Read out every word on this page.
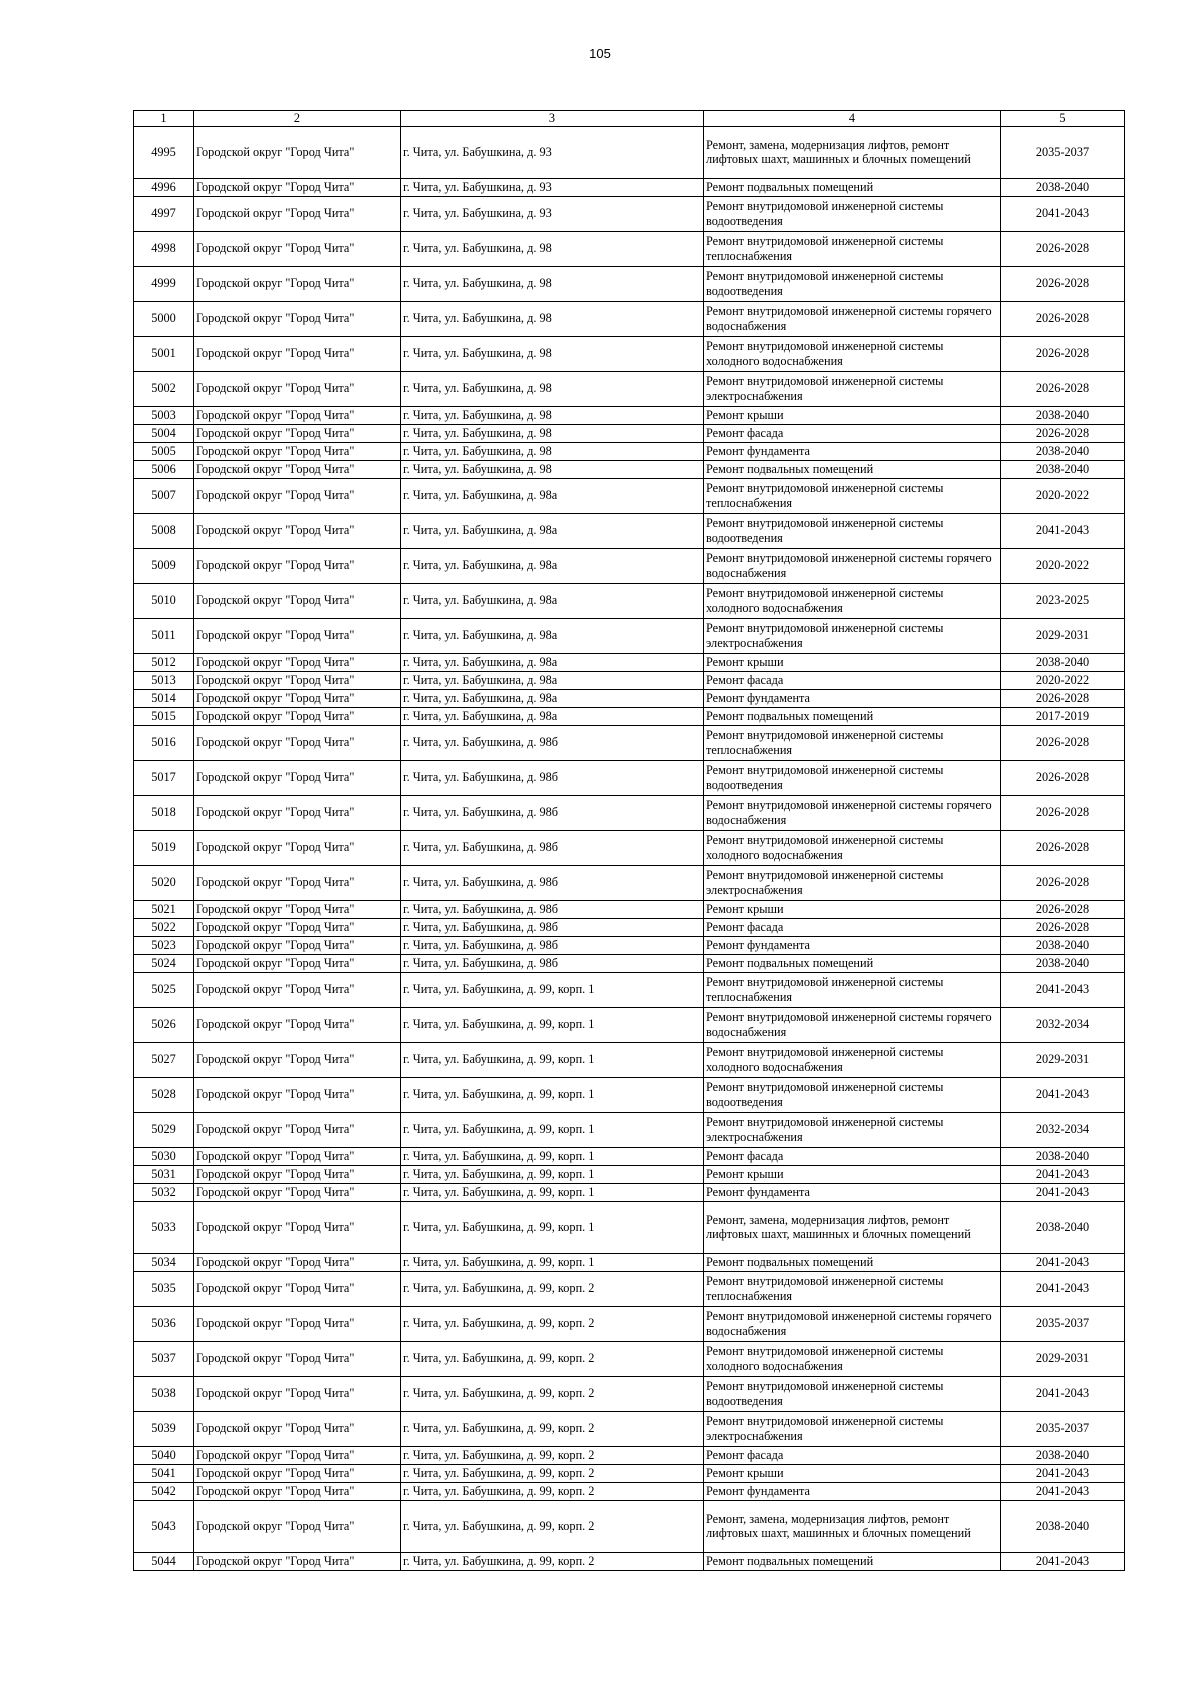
105
1	2	3	4	5
4995	Городской округ "Город Чита"	г. Чита, ул. Бабушкина, д. 93	Ремонт, замена, модернизация лифтов, ремонт лифтовых шахт, машинных и блочных помещений	2035-2037
4996	Городской округ "Город Чита"	г. Чита, ул. Бабушкина, д. 93	Ремонт подвальных помещений	2038-2040
4997	Городской округ "Город Чита"	г. Чита, ул. Бабушкина, д. 93	Ремонт внутридомовой инженерной системы водоотведения	2041-2043
4998	Городской округ "Город Чита"	г. Чита, ул. Бабушкина, д. 98	Ремонт внутридомовой инженерной системы теплоснабжения	2026-2028
4999	Городской округ "Город Чита"	г. Чита, ул. Бабушкина, д. 98	Ремонт внутридомовой инженерной системы водоотведения	2026-2028
5000	Городской округ "Город Чита"	г. Чита, ул. Бабушкина, д. 98	Ремонт внутридомовой инженерной системы горячего водоснабжения	2026-2028
5001	Городской округ "Город Чита"	г. Чита, ул. Бабушкина, д. 98	Ремонт внутридомовой инженерной системы холодного водоснабжения	2026-2028
5002	Городской округ "Город Чита"	г. Чита, ул. Бабушкина, д. 98	Ремонт внутридомовой инженерной системы электроснабжения	2026-2028
5003	Городской округ "Город Чита"	г. Чита, ул. Бабушкина, д. 98	Ремонт крыши	2038-2040
5004	Городской округ "Город Чита"	г. Чита, ул. Бабушкина, д. 98	Ремонт фасада	2026-2028
5005	Городской округ "Город Чита"	г. Чита, ул. Бабушкина, д. 98	Ремонт фундамента	2038-2040
5006	Городской округ "Город Чита"	г. Чита, ул. Бабушкина, д. 98	Ремонт подвальных помещений	2038-2040
5007	Городской округ "Город Чита"	г. Чита, ул. Бабушкина, д. 98а	Ремонт внутридомовой инженерной системы теплоснабжения	2020-2022
5008	Городской округ "Город Чита"	г. Чита, ул. Бабушкина, д. 98а	Ремонт внутридомовой инженерной системы водоотведения	2041-2043
5009	Городской округ "Город Чита"	г. Чита, ул. Бабушкина, д. 98а	Ремонт внутридомовой инженерной системы горячего водоснабжения	2020-2022
5010	Городской округ "Город Чита"	г. Чита, ул. Бабушкина, д. 98а	Ремонт внутридомовой инженерной системы холодного водоснабжения	2023-2025
5011	Городской округ "Город Чита"	г. Чита, ул. Бабушкина, д. 98а	Ремонт внутридомовой инженерной системы электроснабжения	2029-2031
5012	Городской округ "Город Чита"	г. Чита, ул. Бабушкина, д. 98а	Ремонт крыши	2038-2040
5013	Городской округ "Город Чита"	г. Чита, ул. Бабушкина, д. 98а	Ремонт фасада	2020-2022
5014	Городской округ "Город Чита"	г. Чита, ул. Бабушкина, д. 98а	Ремонт фундамента	2026-2028
5015	Городской округ "Город Чита"	г. Чита, ул. Бабушкина, д. 98а	Ремонт подвальных помещений	2017-2019
5016	Городской округ "Город Чита"	г. Чита, ул. Бабушкина, д. 98б	Ремонт внутридомовой инженерной системы теплоснабжения	2026-2028
5017	Городской округ "Город Чита"	г. Чита, ул. Бабушкина, д. 98б	Ремонт внутридомовой инженерной системы водоотведения	2026-2028
5018	Городской округ "Город Чита"	г. Чита, ул. Бабушкина, д. 98б	Ремонт внутридомовой инженерной системы горячего водоснабжения	2026-2028
5019	Городской округ "Город Чита"	г. Чита, ул. Бабушкина, д. 98б	Ремонт внутридомовой инженерной системы холодного водоснабжения	2026-2028
5020	Городской округ "Город Чита"	г. Чита, ул. Бабушкина, д. 98б	Ремонт внутридомовой инженерной системы электроснабжения	2026-2028
5021	Городской округ "Город Чита"	г. Чита, ул. Бабушкина, д. 98б	Ремонт крыши	2026-2028
5022	Городской округ "Город Чита"	г. Чита, ул. Бабушкина, д. 98б	Ремонт фасада	2026-2028
5023	Городской округ "Город Чита"	г. Чита, ул. Бабушкина, д. 98б	Ремонт фундамента	2038-2040
5024	Городской округ "Город Чита"	г. Чита, ул. Бабушкина, д. 98б	Ремонт подвальных помещений	2038-2040
5025	Городской округ "Город Чита"	г. Чита, ул. Бабушкина, д. 99, корп. 1	Ремонт внутридомовой инженерной системы теплоснабжения	2041-2043
5026	Городской округ "Город Чита"	г. Чита, ул. Бабушкина, д. 99, корп. 1	Ремонт внутридомовой инженерной системы горячего водоснабжения	2032-2034
5027	Городской округ "Город Чита"	г. Чита, ул. Бабушкина, д. 99, корп. 1	Ремонт внутридомовой инженерной системы холодного водоснабжения	2029-2031
5028	Городской округ "Город Чита"	г. Чита, ул. Бабушкина, д. 99, корп. 1	Ремонт внутридомовой инженерной системы водоотведения	2041-2043
5029	Городской округ "Город Чита"	г. Чита, ул. Бабушкина, д. 99, корп. 1	Ремонт внутридомовой инженерной системы электроснабжения	2032-2034
5030	Городской округ "Город Чита"	г. Чита, ул. Бабушкина, д. 99, корп. 1	Ремонт фасада	2038-2040
5031	Городской округ "Город Чита"	г. Чита, ул. Бабушкина, д. 99, корп. 1	Ремонт крыши	2041-2043
5032	Городской округ "Город Чита"	г. Чита, ул. Бабушкина, д. 99, корп. 1	Ремонт фундамента	2041-2043
5033	Городской округ "Город Чита"	г. Чита, ул. Бабушкина, д. 99, корп. 1	Ремонт, замена, модернизация лифтов, ремонт лифтовых шахт, машинных и блочных помещений	2038-2040
5034	Городской округ "Город Чита"	г. Чита, ул. Бабушкина, д. 99, корп. 1	Ремонт подвальных помещений	2041-2043
5035	Городской округ "Город Чита"	г. Чита, ул. Бабушкина, д. 99, корп. 2	Ремонт внутридомовой инженерной системы теплоснабжения	2041-2043
5036	Городской округ "Город Чита"	г. Чита, ул. Бабушкина, д. 99, корп. 2	Ремонт внутридомовой инженерной системы горячего водоснабжения	2035-2037
5037	Городской округ "Город Чита"	г. Чита, ул. Бабушкина, д. 99, корп. 2	Ремонт внутридомовой инженерной системы холодного водоснабжения	2029-2031
5038	Городской округ "Город Чита"	г. Чита, ул. Бабушкина, д. 99, корп. 2	Ремонт внутридомовой инженерной системы водоотведения	2041-2043
5039	Городской округ "Город Чита"	г. Чита, ул. Бабушкина, д. 99, корп. 2	Ремонт внутридомовой инженерной системы электроснабжения	2035-2037
5040	Городской округ "Город Чита"	г. Чита, ул. Бабушкина, д. 99, корп. 2	Ремонт фасада	2038-2040
5041	Городской округ "Город Чита"	г. Чита, ул. Бабушкина, д. 99, корп. 2	Ремонт крыши	2041-2043
5042	Городской округ "Город Чита"	г. Чита, ул. Бабушкина, д. 99, корп. 2	Ремонт фундамента	2041-2043
5043	Городской округ "Город Чита"	г. Чита, ул. Бабушкина, д. 99, корп. 2	Ремонт, замена, модернизация лифтов, ремонт лифтовых шахт, машинных и блочных помещений	2038-2040
5044	Городской округ "Город Чита"	г. Чита, ул. Бабушкина, д. 99, корп. 2	Ремонт подвальных помещений	2041-2043
